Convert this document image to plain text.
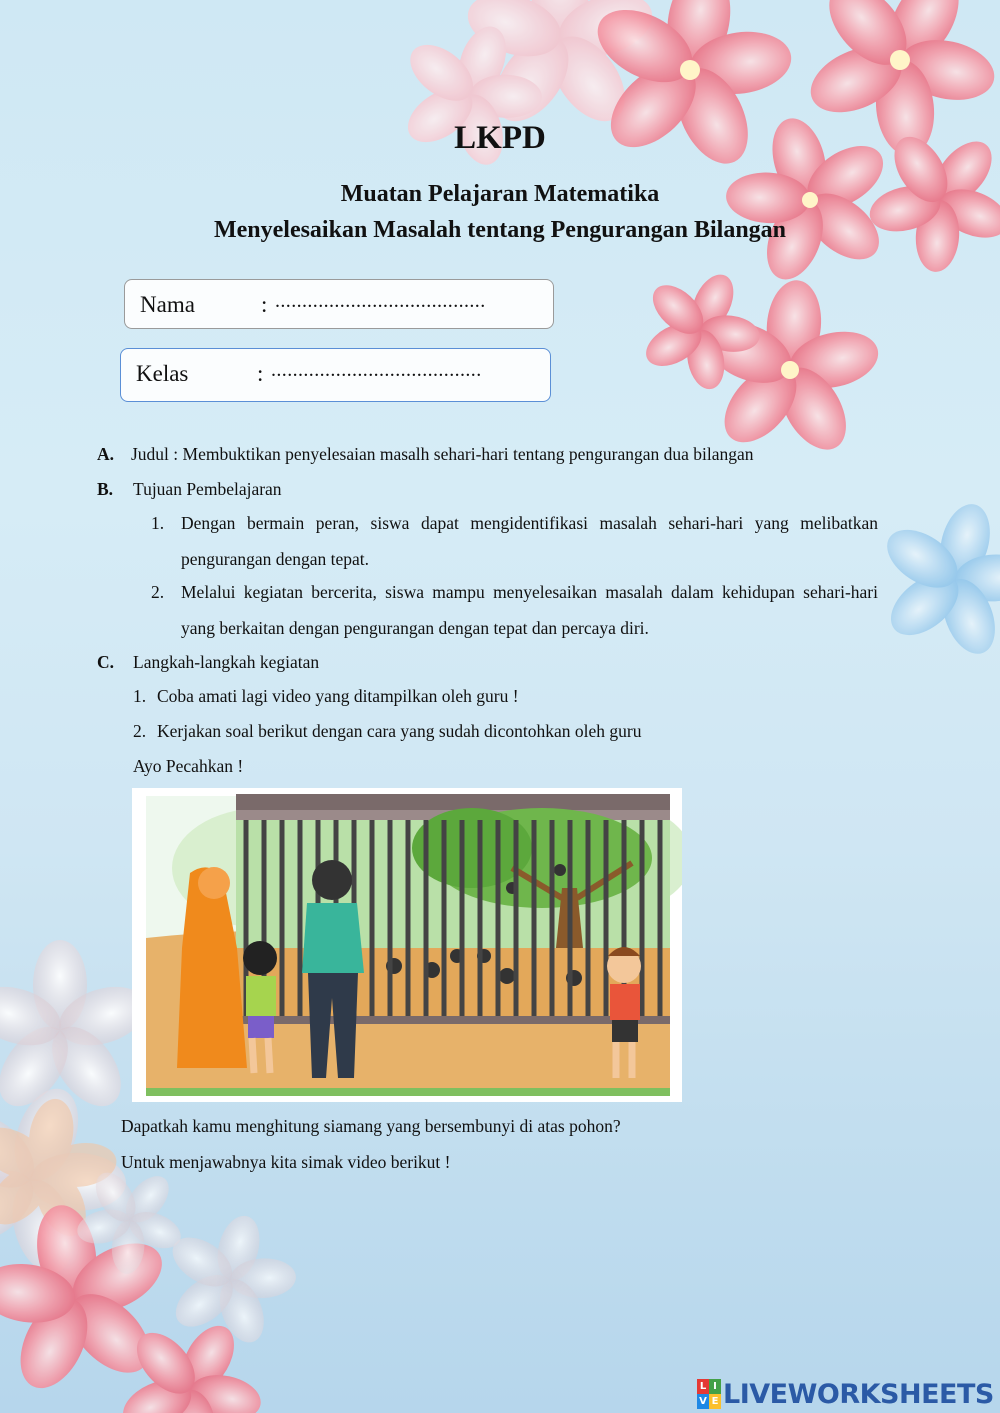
LKPD
Muatan Pelajaran Matematika
Menyelesaikan Masalah tentang Pengurangan Bilangan
Nama	: .......................................
Kelas	: .......................................
A. Judul : Membuktikan penyelesaian masalh sehari-hari tentang pengurangan dua bilangan
B. Tujuan Pembelajaran
1. Dengan bermain peran, siswa dapat mengidentifikasi masalah sehari-hari yang melibatkan pengurangan dengan tepat.
2. Melalui kegiatan bercerita, siswa mampu menyelesaikan masalah dalam kehidupan sehari-hari yang berkaitan dengan pengurangan dengan tepat dan percaya diri.
C. Langkah-langkah kegiatan
1. Coba amati lagi video yang ditampilkan oleh guru !
2. Kerjakan soal berikut dengan cara yang sudah dicontohkan oleh guru
Ayo Pecahkan !
Dapatkah kamu menghitung siamang yang bersembunyi di atas pohon?
Untuk menjawabnya kita simak video berikut !
L I
V E LIVEWORKSHEETS
